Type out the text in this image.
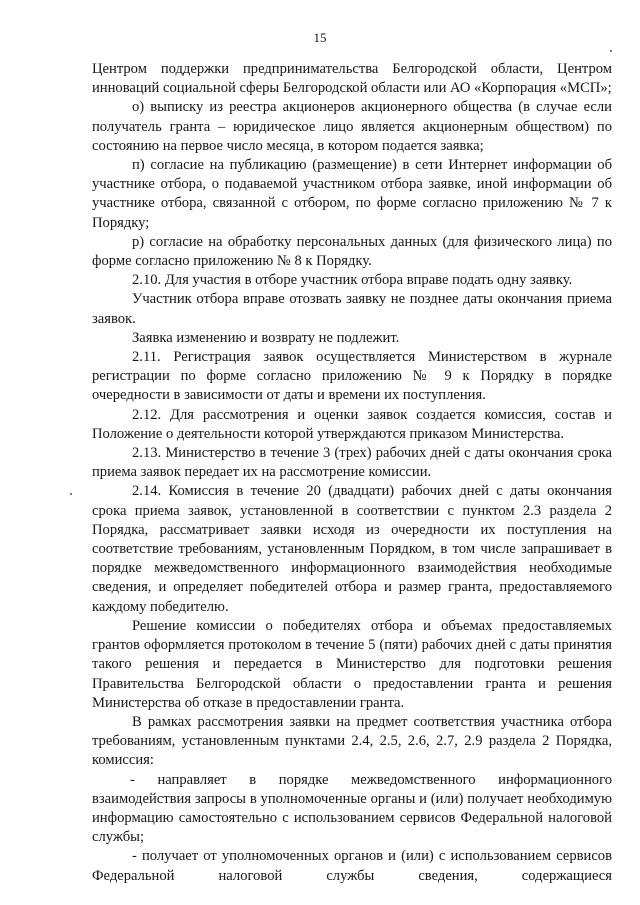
15

Центром поддержки предпринимательства Белгородской области, Центром инноваций социальной сферы Белгородской области или АО «Корпорация «МСП»;

о) выписку из реестра акционеров акционерного общества (в случае если получатель гранта – юридическое лицо является акционерным обществом) по состоянию на первое число месяца, в котором подается заявка;

п) согласие на публикацию (размещение) в сети Интернет информации об участнике отбора, о подаваемой участником отбора заявке, иной информации об участнике отбора, связанной с отбором, по форме согласно приложению № 7 к Порядку;

р) согласие на обработку персональных данных (для физического лица) по форме согласно приложению № 8 к Порядку.

2.10. Для участия в отборе участник отбора вправе подать одну заявку.

Участник отбора вправе отозвать заявку не позднее даты окончания приема заявок.

Заявка изменению и возврату не подлежит.

2.11. Регистрация заявок осуществляется Министерством в журнале регистрации по форме согласно приложению № 9 к Порядку в порядке очередности в зависимости от даты и времени их поступления.

2.12. Для рассмотрения и оценки заявок создается комиссия, состав и Положение о деятельности которой утверждаются приказом Министерства.

2.13. Министерство в течение 3 (трех) рабочих дней с даты окончания срока приема заявок передает их на рассмотрение комиссии.

2.14. Комиссия в течение 20 (двадцати) рабочих дней с даты окончания срока приема заявок, установленной в соответствии с пунктом 2.3 раздела 2 Порядка, рассматривает заявки исходя из очередности их поступления на соответствие требованиям, установленным Порядком, в том числе запрашивает в порядке межведомственного информационного взаимодействия необходимые сведения, и определяет победителей отбора и размер гранта, предоставляемого каждому победителю.

Решение комиссии о победителях отбора и объемах предоставляемых грантов оформляется протоколом в течение 5 (пяти) рабочих дней с даты принятия такого решения и передается в Министерство для подготовки решения Правительства Белгородской области о предоставлении гранта и решения Министерства об отказе в предоставлении гранта.

В рамках рассмотрения заявки на предмет соответствия участника отбора требованиям, установленным пунктами 2.4, 2.5, 2.6, 2.7, 2.9 раздела 2 Порядка, комиссия:

- направляет в порядке межведомственного информационного взаимодействия запросы в уполномоченные органы и (или) получает необходимую информацию самостоятельно с использованием сервисов Федеральной налоговой службы;

- получает от уполномоченных органов и (или) с использованием сервисов Федеральной налоговой службы сведения, содержащиеся
